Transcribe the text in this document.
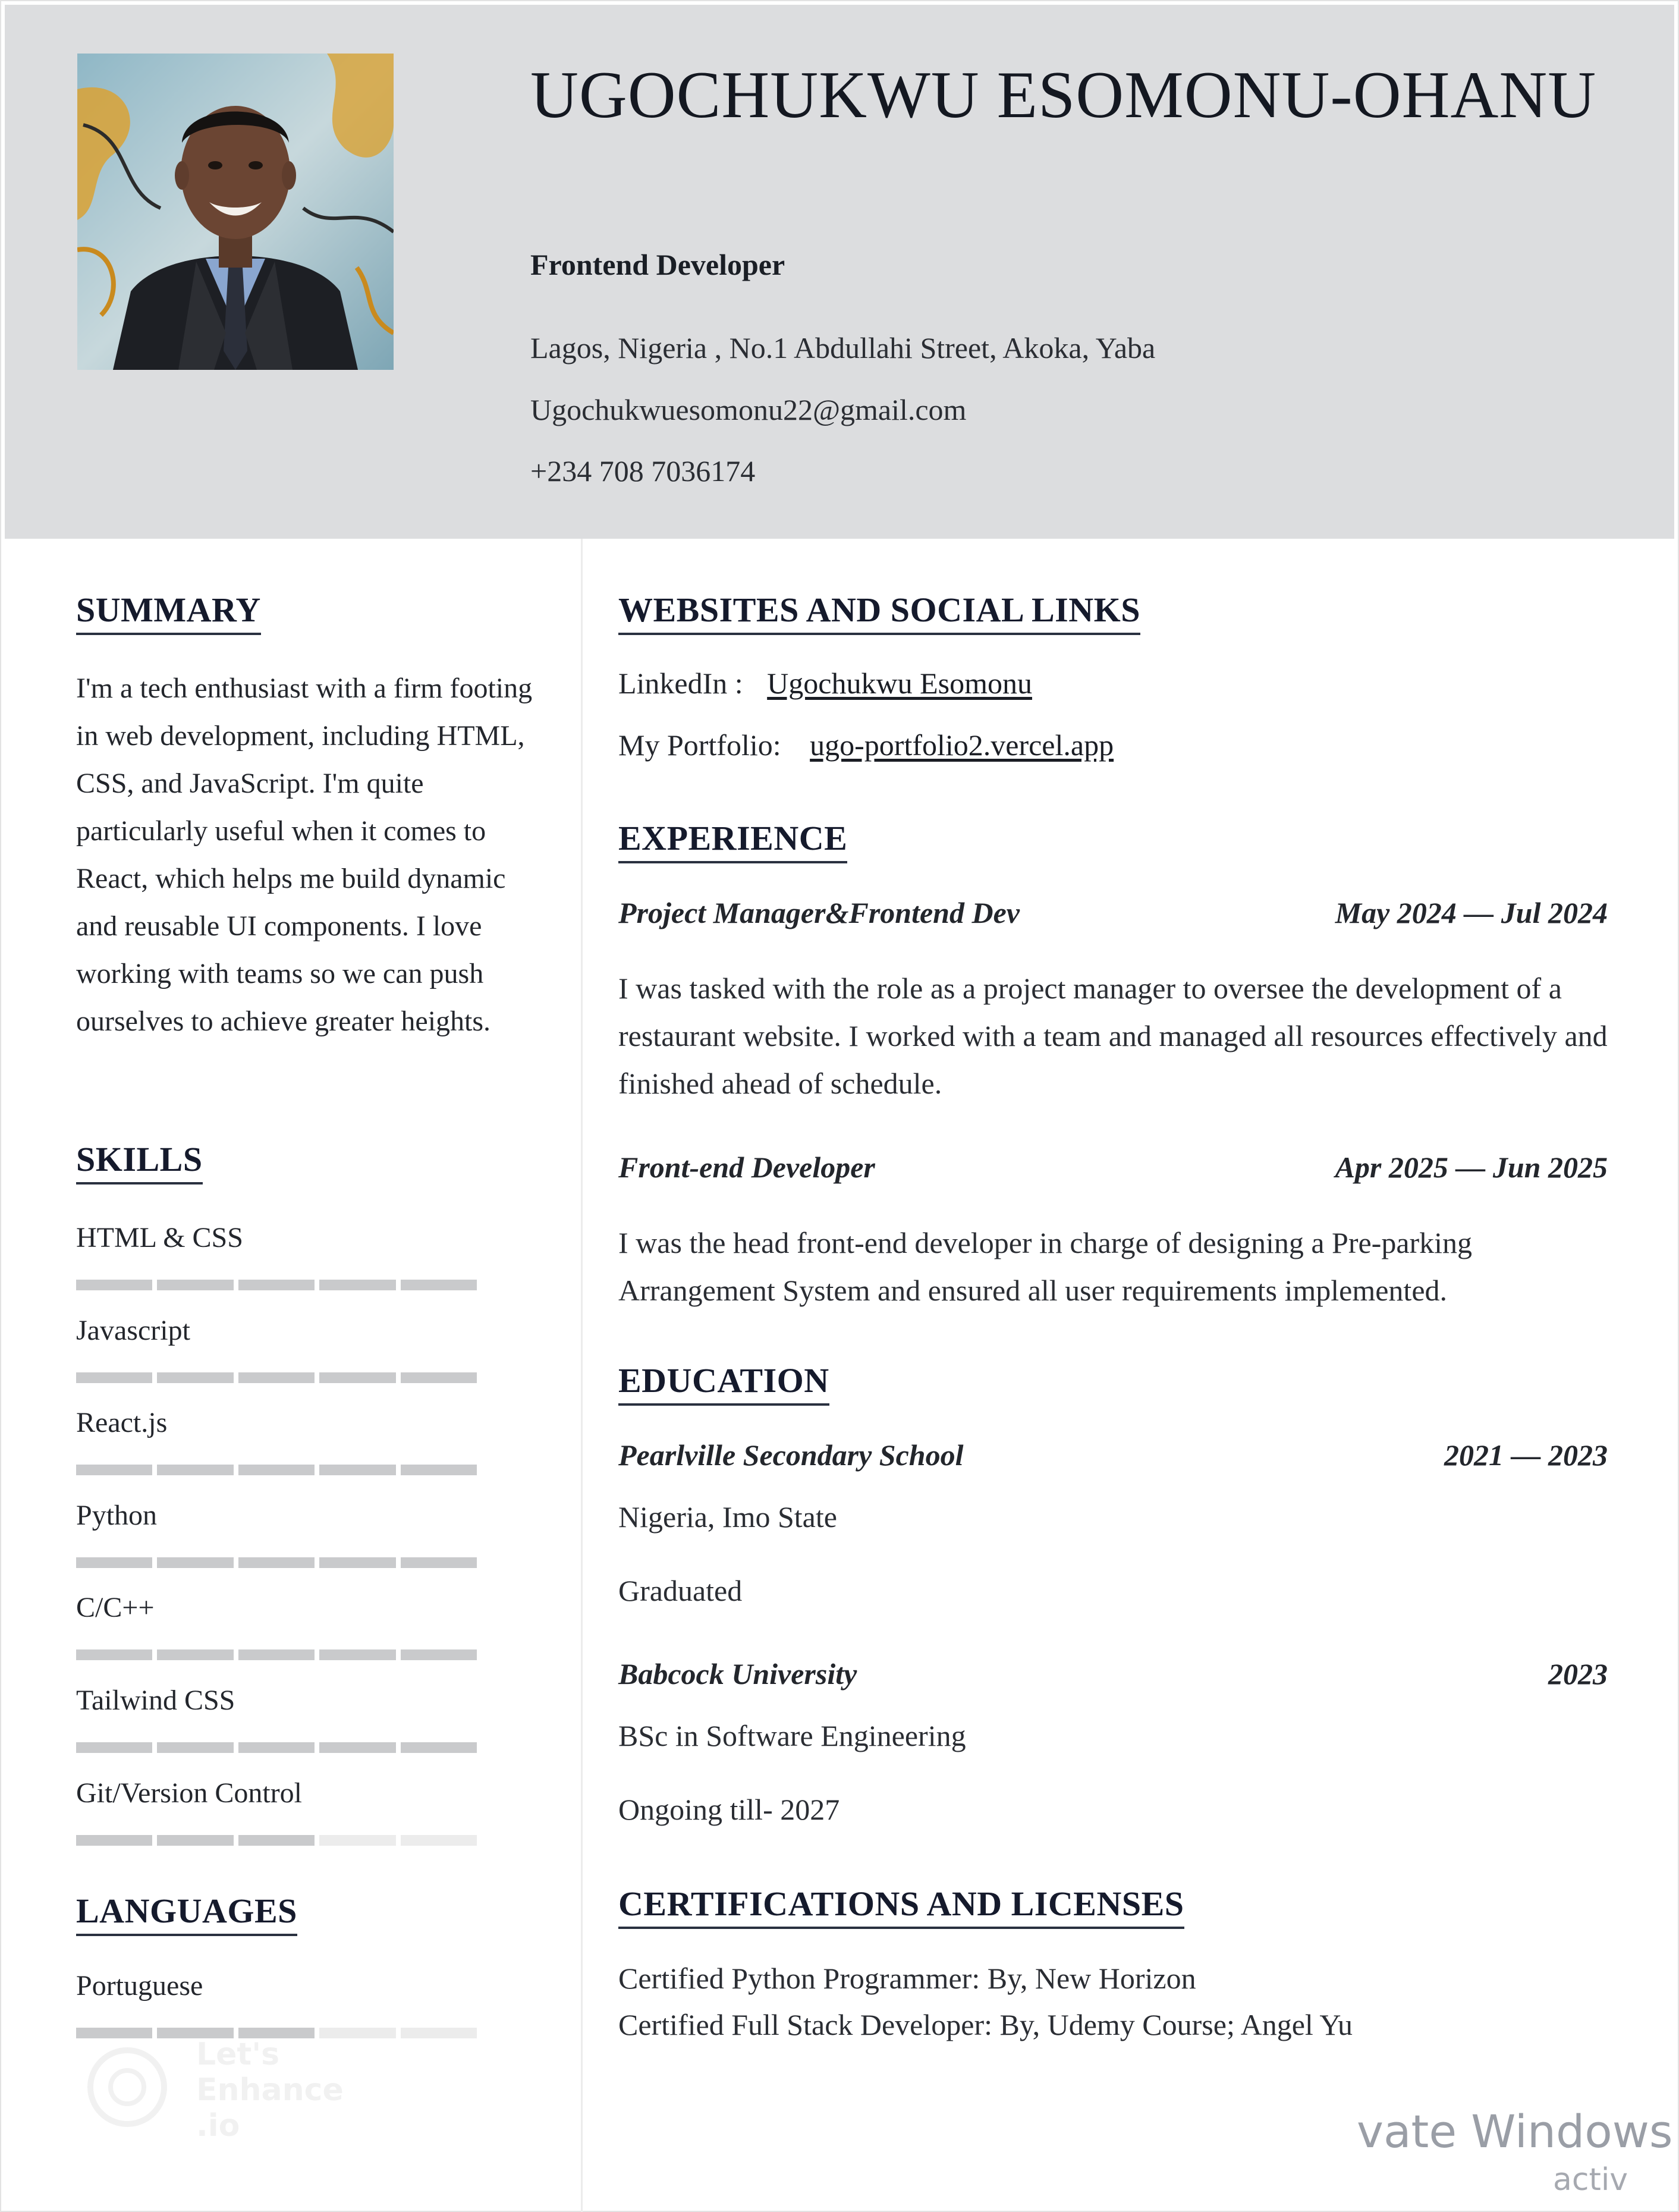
UGOCHUKWU ESOMONU-OHANU
Frontend Developer
Lagos, Nigeria , No.1 Abdullahi Street, Akoka, Yaba
Ugochukwuesomonu22@gmail.com
+234 708 7036174
SUMMARY
I'm a tech enthusiast with a firm footing in web development, including HTML, CSS, and JavaScript. I'm quite particularly useful when it comes to React, which helps me build dynamic and reusable UI components. I love working with teams so we can push ourselves to achieve greater heights.
SKILLS
HTML & CSS
Javascript
React.js
Python
C/C++
Tailwind CSS
Git/Version Control
LANGUAGES
Portuguese
WEBSITES AND SOCIAL LINKS
LinkedIn : Ugochukwu Esomonu
My Portfolio: ugo-portfolio2.vercel.app
EXPERIENCE
Project Manager&Frontend Dev	May 2024 — Jul 2024
I was tasked with the role as a project manager to oversee the development of a restaurant website. I worked with a team and managed all resources effectively and finished ahead of schedule.
Front-end Developer	Apr 2025 — Jun 2025
I was the head front-end developer in charge of designing a Pre-parking Arrangement System and ensured all user requirements implemented.
EDUCATION
Pearlville Secondary School	2021 — 2023
Nigeria, Imo State
Graduated
Babcock University	2023
BSc in Software Engineering
Ongoing till- 2027
CERTIFICATIONS AND LICENSES
Certified Python Programmer: By, New Horizon
Certified Full Stack Developer: By, Udemy Course; Angel Yu
Let's
Enhance
.io	vate Windows
activ
